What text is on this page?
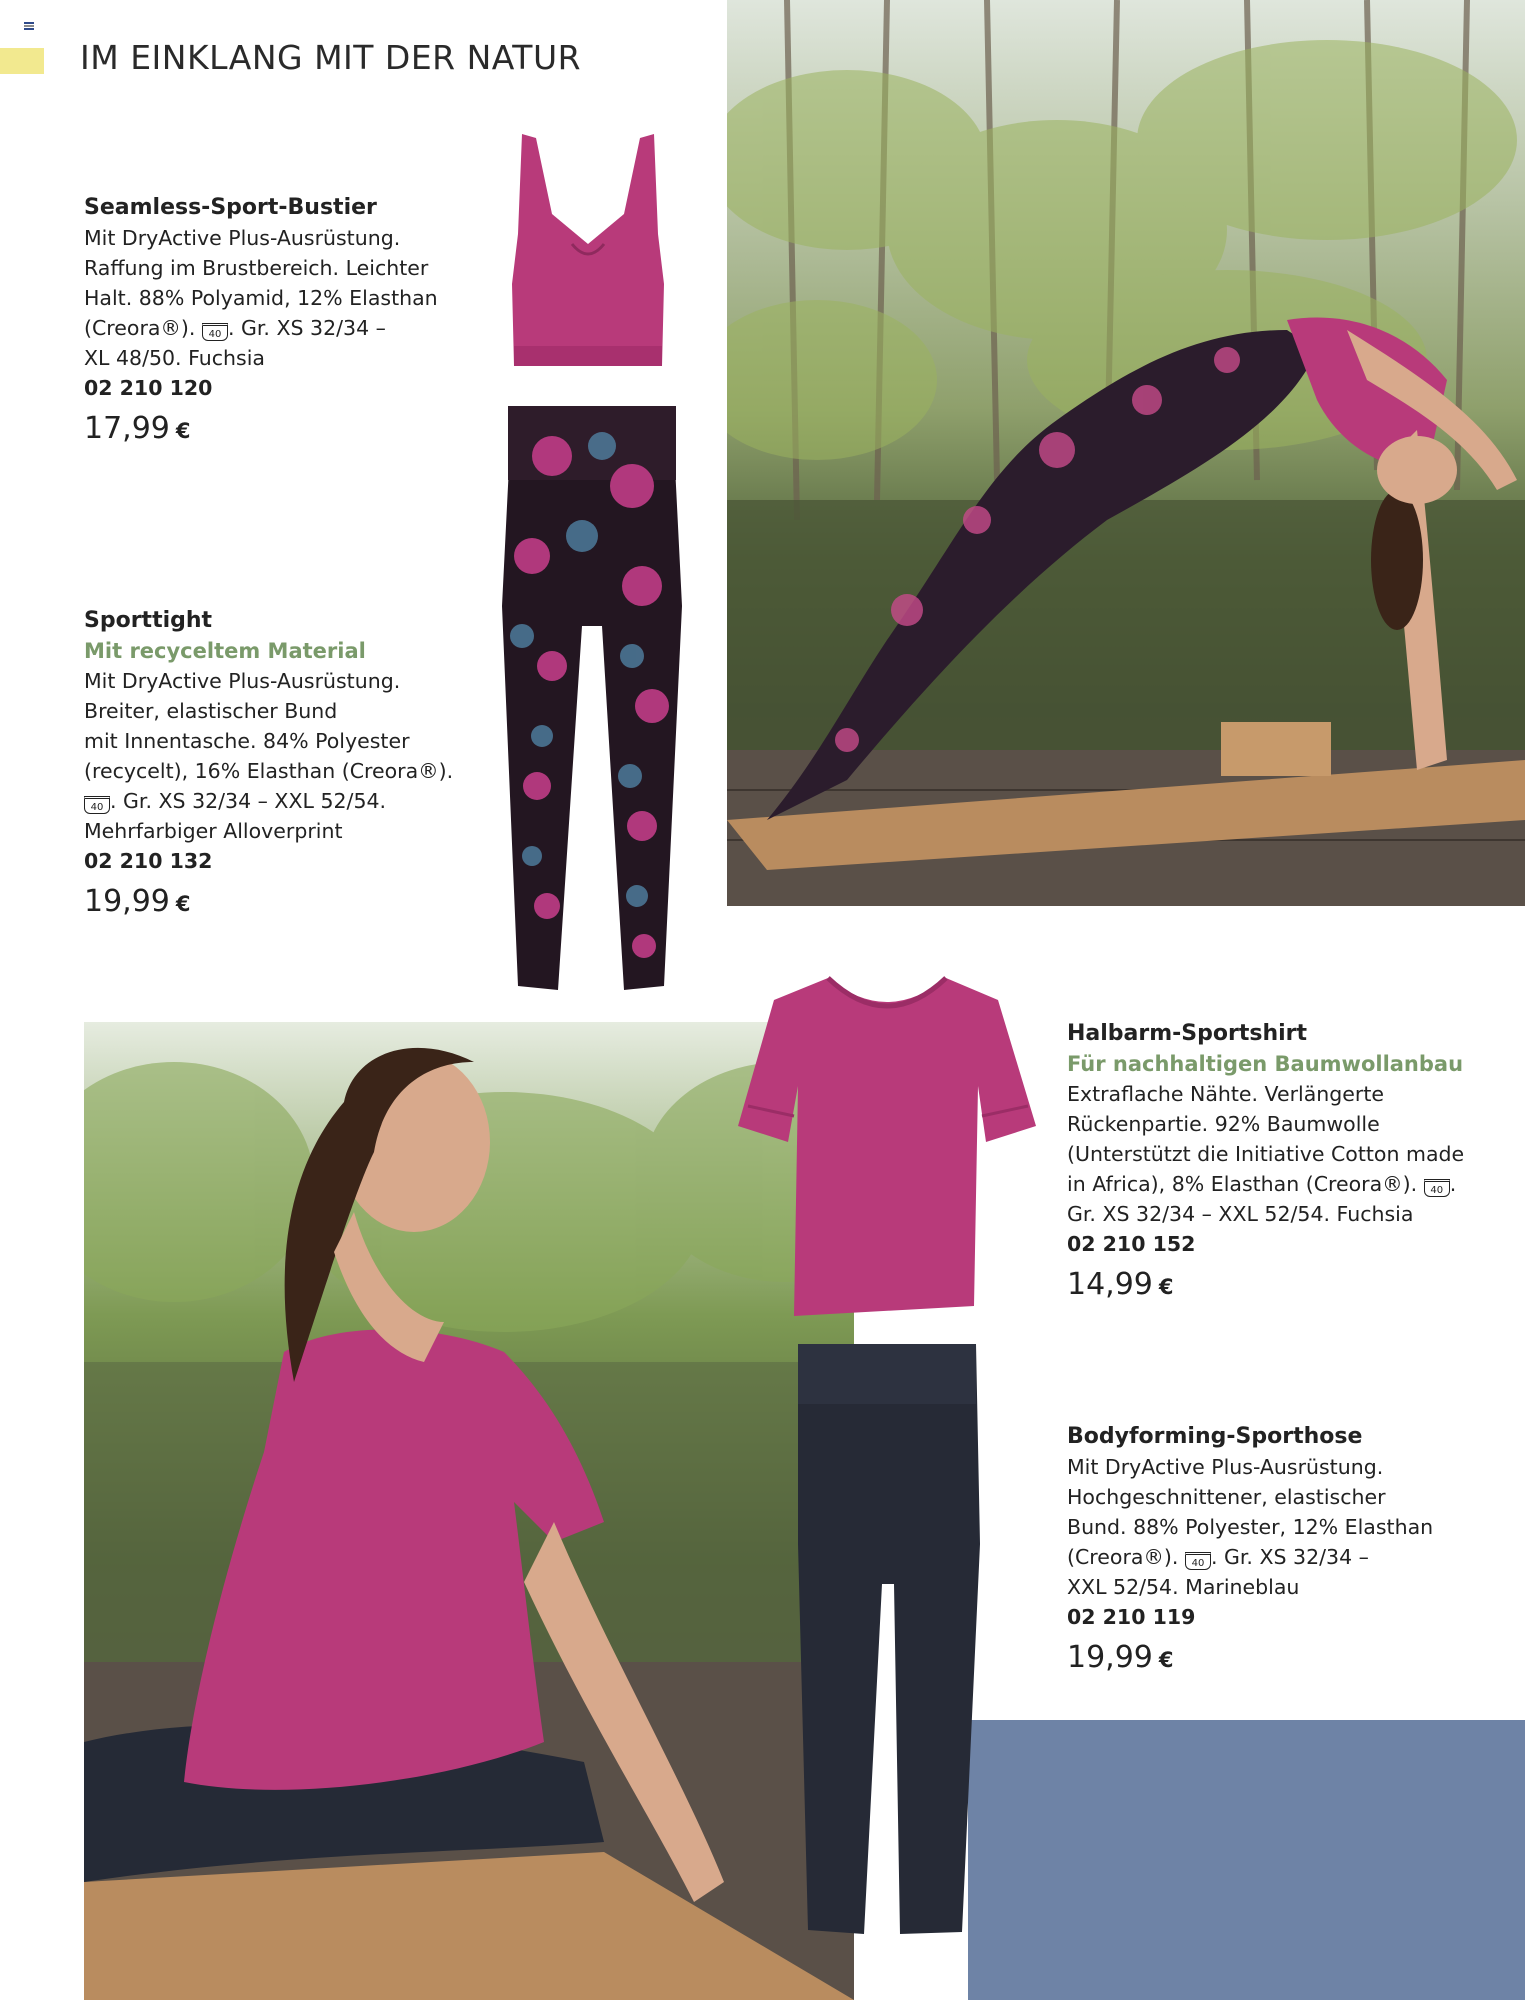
IM EINKLANG MIT DER NATUR
Seamless-Sport-Bustier

Mit DryActive Plus-Ausrüstung.

Raffung im Brustbereich. Leichter

Halt. 88% Polyamid, 12% Elasthan

(Creora®). 40 . Gr. XS 32/34 –

XL 48/50. Fuchsia

02 210 120
17,99 €
Sporttight
Mit recyceltem Material

Mit DryActive Plus-Ausrüstung.

Breiter, elastischer Bund

mit Innentasche. 84% Polyester

(recycelt), 16% Elasthan (Creora®).

40 . Gr. XS 32/34 – XXL 52/54.

Mehrfarbiger Alloverprint

02 210 132
19,99 €
Halbarm-Sportshirt
Für nachhaltigen Baumwollanbau

Extraflache Nähte. Verlängerte

Rückenpartie. 92% Baumwolle

(Unterstützt die Initiative Cotton made

in Africa), 8% Elasthan (Creora®). 40 .

Gr. XS 32/34 – XXL 52/54. Fuchsia

02 210 152
14,99 €
Bodyforming-Sporthose

Mit DryActive Plus-Ausrüstung.

Hochgeschnittener, elastischer

Bund. 88% Polyester, 12% Elasthan

(Creora®). 40 . Gr. XS 32/34 –

XXL 52/54. Marineblau

02 210 119
19,99 €
